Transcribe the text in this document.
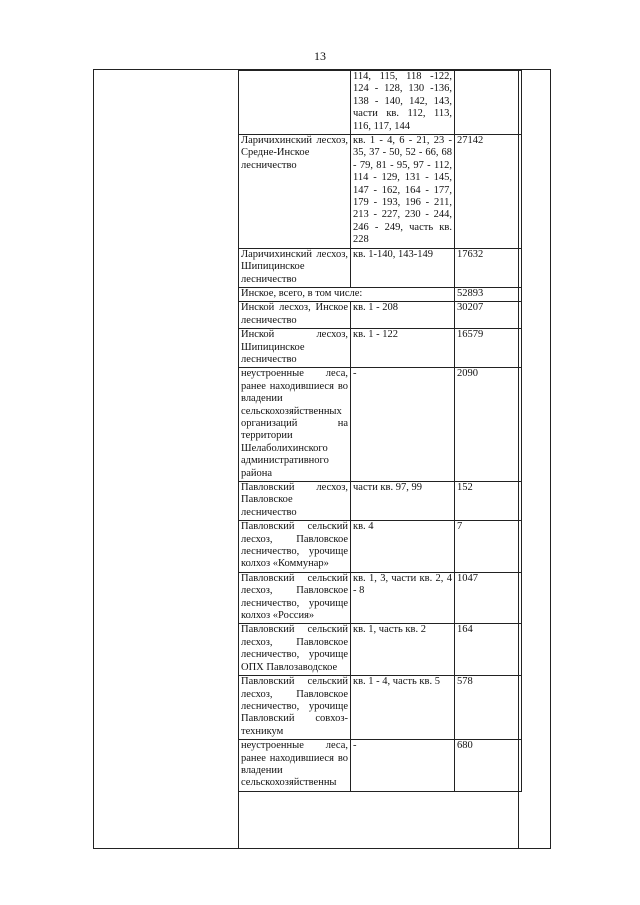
13
	114, 115, 118 -122, 124 - 128, 130 -136, 138 - 140, 142, 143, части кв. 112, 113, 116, 117, 144	
Ларичихинский лесхоз, Средне-Инское лесничество	кв. 1 - 4, 6 - 21, 23 - 35, 37 - 50, 52 - 66, 68 - 79, 81 - 95, 97 - 112, 114 - 129, 131 - 145, 147 - 162, 164 - 177, 179 - 193, 196 - 211, 213 - 227, 230 - 244, 246 - 249, часть кв. 228	27142
Ларичихинский лесхоз, Шипицинское лесничество	кв. 1-140, 143-149	17632
Инское, всего, в том числе:		52893
Инской лесхоз, Инское лесничество	кв. 1 - 208	30207
Инской лесхоз, Шипицинское лесничество	кв. 1 - 122	16579
неустроенные леса, ранее находившиеся во владении сельскохозяйственных организаций на территории Шелаболихинского административного района	-	2090
Павловский лесхоз, Павловское лесничество	части кв. 97, 99	152
Павловский сельский лесхоз, Павловское лесничество, урочище колхоз «Коммунар»	кв. 4	7
Павловский сельский лесхоз, Павловское лесничество, урочище колхоз «Россия»	кв. 1, 3, части кв. 2, 4 - 8	1047
Павловский сельский лесхоз, Павловское лесничество, урочище ОПХ Павлозаводское	кв. 1, часть кв. 2	164
Павловский сельский лесхоз, Павловское лесничество, урочище Павловский совхоз-техникум	кв. 1 - 4, часть кв. 5	578
неустроенные леса, ранее находившиеся во владении сельскохозяйственны	-	680
